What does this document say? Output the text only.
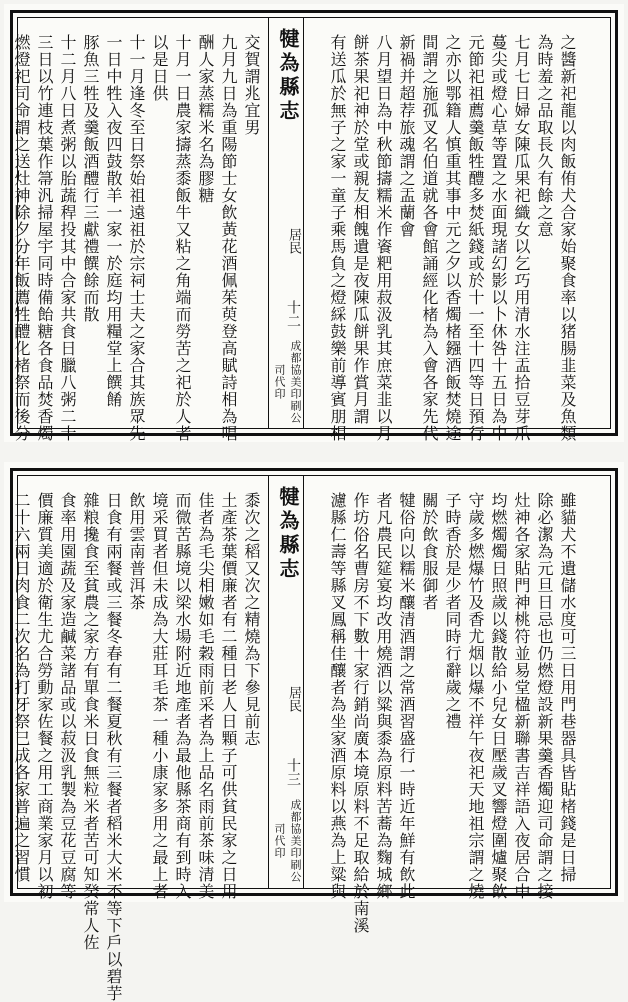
燃燈祀司命謂之送灶神除夕分年飯薦牲醴化楮祭而後分 三日以竹連枝葉作箒汎掃屋宇同時備飴糖各食品焚香燭 十二月八日煮粥以胎蔬稈投其中合家共食日臘八粥二十 豚魚三牲及羹飯酒醴行三獻禮饌餘而散 一日中牲入夜四鼓散羊一家一於庭均用糧堂上饌餚 十一月逢冬至日祭始祖遠祖於宗祠士夫之家合其族眾先 以是日供 十月一日農家擣蒸黍飯牛又粘之角端而勞苦之祀於人者 酬人家蒸糯米名為膠糖 九月九日為重陽節士女飲黃花酒佩茱萸登高賦詩相為唱 交賀謂兆宜男 犍為縣志
居民
十二
成都協美印刷公司代印	有送瓜於無子之家一童子乘馬負之燈綵鼓樂前導賓朋相 餅茶果祀神於堂或親友相餽遺是夜陳瓜餅果作賞月謂 八月望日為中秋節擣糯米作餈粑用菽汲乳其庶菜韭以月 新禍并超荐旅魂謂之盂蘭會 間謂之施孤叉名伯道就各會館誦經化楮為入會各家先代 之亦以鄂籍人慎重其事中元之夕以香燭楮鏹酒飯焚燒途 元節祀祖薦羹飯牲醴多焚紙錢或於十一至十四等日預行 蔓尖或燈心草等置之水面現諸幻影以卜休咎十五日為中 七月七日婦女陳瓜果祀織女以乞巧用清水注盂拾豆芽爪 為時羞之品取長久有餘之意 之醬新祀龍以肉飯侑犬合家始聚食率以猪腸韭菜及魚類
二十六兩日肉食二次名為打牙祭已成各家普遍之習慣 價廉質美適於衛生尤合勞動家佐餐之用工商業家月以初 食率用園蔬及家造鹹菜諸品或以菽汲乳製為豆花豆腐等 雜粮攙食至貧農之家方有單食米日食無粒米者苦可知癸常人佐 日食有兩餐或三餐冬春有二餐夏秋有三餐者稻米大米不等下戶以碧芋 飲用雲南普洱茶 境采買者但未成為大莊耳毛茶一種小康家多用之最上者 而微苦縣境以梁水場附近地產者為最他縣茶商有到時入 佳者為毛尖相嫩如毛穀雨前采者為上品名雨前茶味清美 土產茶葉價廉者有二種日老人日顆子可供貧民家之日用 黍次之稻又次之精燒為下參見前志 犍為縣志
居民
十三
成都協美印刷公司代印	濾縣仁壽等縣叉鳳稱佳釀者為坐家酒原料以燕為上粱與 作坊俗名曹房不下數十家行銷尚廣本境原料不足取給於南溪 者凡農民筵宴均改用燒酒以粱與黍為原料苦蕎為麴城鄉 犍俗向以糯米釀清酒謂之常酒習盛行一時近年鮮有飲此 關於飲食服御者 子時香於是少者同時行辭歲之禮 守歲多燃爆竹及香尤烟以爆不祥午夜祀天地祖宗謂之燒 均燃燭燭日照歲以錢散給小兒女日壓歲叉響燈圍爐聚飲 灶神各家貼門神桃符並易堂楹新聯書吉祥語入夜居合中 除必潔為元旦日忌也仍燃燈設新果羹香燭迎司命謂之接 雖貓犬不遺儲水度可三日用門巷器具皆貼楮錢是日掃
